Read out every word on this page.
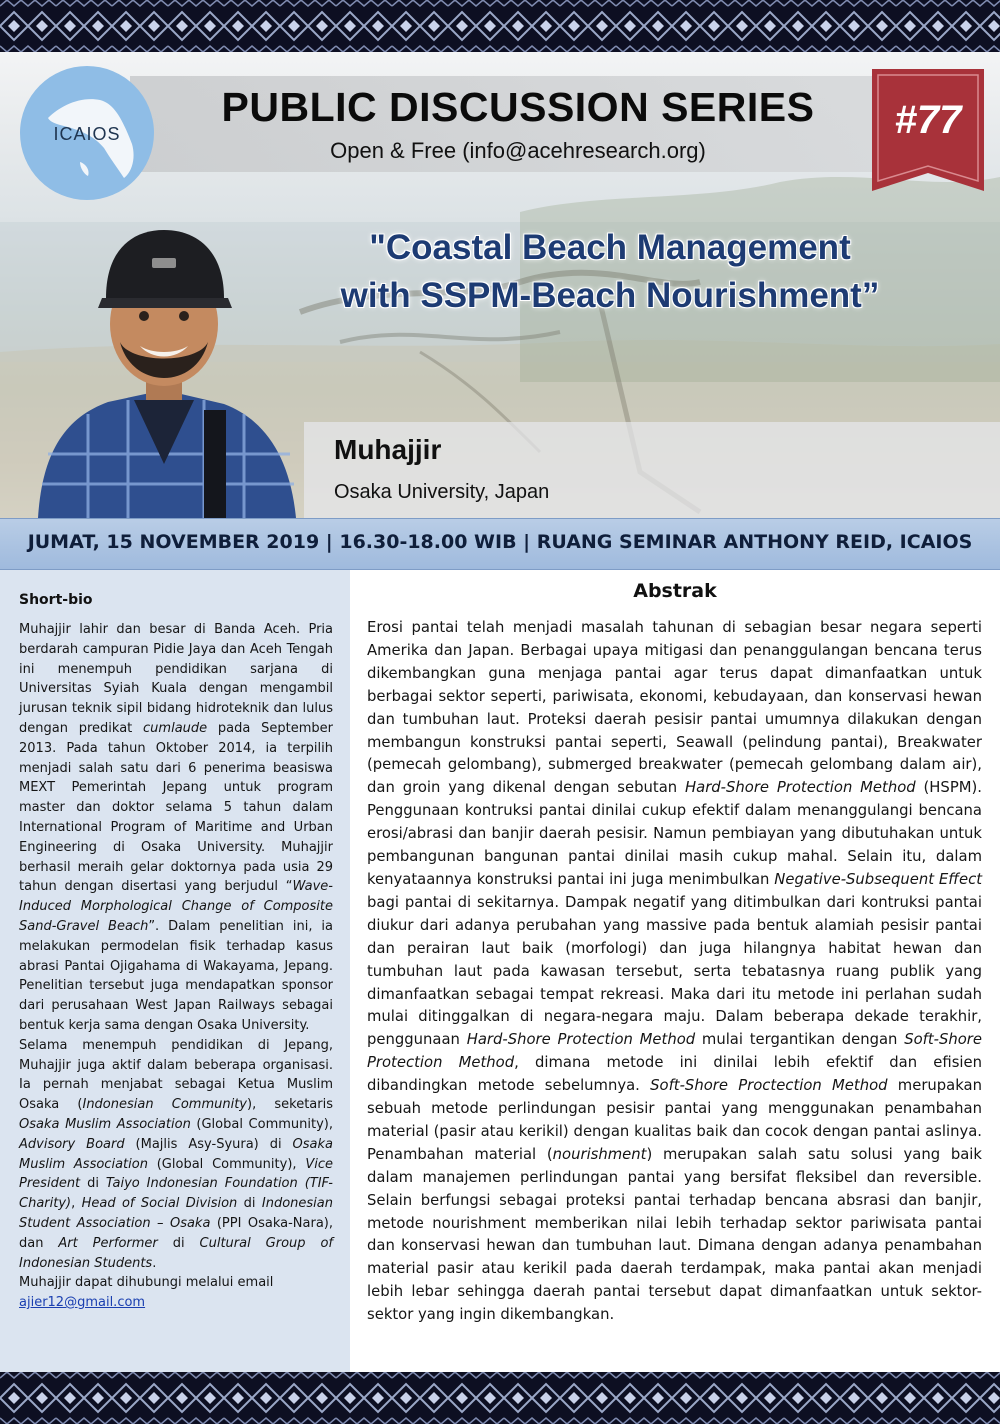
ICAIOS
PUBLIC DISCUSSION SERIES
Open & Free (info@acehresearch.org)
#77
"Coastal Beach Management
with SSPM-Beach Nourishment”
Muhajjir
Osaka University, Japan
JUMAT, 15 NOVEMBER 2019 | 16.30-18.00 WIB | RUANG SEMINAR ANTHONY REID, ICAIOS
Short-bio

Muhajjir lahir dan besar di Banda Aceh. Pria berdarah campuran Pidie Jaya dan Aceh Tengah ini menempuh pendidikan sarjana di Universitas Syiah Kuala dengan mengambil jurusan teknik sipil bidang hidroteknik dan lulus dengan predikat cumlaude pada September 2013. Pada tahun Oktober 2014, ia terpilih menjadi salah satu dari 6 penerima beasiswa MEXT Pemerintah Jepang untuk program master dan doktor selama 5 tahun dalam International Program of Maritime and Urban Engineering di Osaka University. Muhajjir berhasil meraih gelar doktornya pada usia 29 tahun dengan disertasi yang berjudul “Wave-Induced Morphological Change of Composite Sand-Gravel Beach”. Dalam penelitian ini, ia melakukan permodelan fisik terhadap kasus abrasi Pantai Ojigahama di Wakayama, Jepang. Penelitian tersebut juga mendapatkan sponsor dari perusahaan West Japan Railways sebagai bentuk kerja sama dengan Osaka University.

Selama menempuh pendidikan di Jepang, Muhajjir juga aktif dalam beberapa organisasi. Ia pernah menjabat sebagai Ketua Muslim Osaka (Indonesian Community), seketaris Osaka Muslim Association (Global Community), Advisory Board (Majlis Asy-Syura) di Osaka Muslim Association (Global Community), Vice President di Taiyo Indonesian Foundation (TIF-Charity), Head of Social Division di Indonesian Student Association – Osaka (PPI Osaka-Nara), dan Art Performer di Cultural Group of Indonesian Students.

Muhajjir dapat dihubungi melalui email
ajier12@gmail.com

Abstrak
Erosi pantai telah menjadi masalah tahunan di sebagian besar negara seperti Amerika dan Japan. Berbagai upaya mitigasi dan penanggulangan bencana terus dikembangkan guna menjaga pantai agar terus dapat dimanfaatkan untuk berbagai sektor seperti, pariwisata, ekonomi, kebudayaan, dan konservasi hewan dan tumbuhan laut. Proteksi daerah pesisir pantai umumnya dilakukan dengan membangun konstruksi pantai seperti, Seawall (pelindung pantai), Breakwater (pemecah gelombang), submerged breakwater (pemecah gelombang dalam air), dan groin yang dikenal dengan sebutan Hard-Shore Protection Method (HSPM). Penggunaan kontruksi pantai dinilai cukup efektif dalam menanggulangi bencana erosi/abrasi dan banjir daerah pesisir. Namun pembiayan yang dibutuhakan untuk pembangunan bangunan pantai dinilai masih cukup mahal. Selain itu, dalam kenyataannya konstruksi pantai ini juga menimbulkan Negative-Subsequent Effect bagi pantai di sekitarnya. Dampak negatif yang ditimbulkan dari kontruksi pantai diukur dari adanya perubahan yang massive pada bentuk alamiah pesisir pantai dan perairan laut baik (morfologi) dan juga hilangnya habitat hewan dan tumbuhan laut pada kawasan tersebut, serta tebatasnya ruang publik yang dimanfaatkan sebagai tempat rekreasi. Maka dari itu metode ini perlahan sudah mulai ditinggalkan di negara-negara maju. Dalam beberapa dekade terakhir, penggunaan Hard-Shore Protection Method mulai tergantikan dengan Soft-Shore Protection Method, dimana metode ini dinilai lebih efektif dan efisien dibandingkan metode sebelumnya. Soft-Shore Proctection Method merupakan sebuah metode perlindungan pesisir pantai yang menggunakan penambahan material (pasir atau kerikil) dengan kualitas baik dan cocok dengan pantai aslinya. Penambahan material (nourishment) merupakan salah satu solusi yang baik dalam manajemen perlindungan pantai yang bersifat fleksibel dan reversible. Selain berfungsi sebagai proteksi pantai terhadap bencana absrasi dan banjir, metode nourishment memberikan nilai lebih terhadap sektor pariwisata pantai dan konservasi hewan dan tumbuhan laut. Dimana dengan adanya penambahan material pasir atau kerikil pada daerah terdampak, maka pantai akan menjadi lebih lebar sehingga daerah pantai tersebut dapat dimanfaatkan untuk sektor-sektor yang ingin dikembangkan.
